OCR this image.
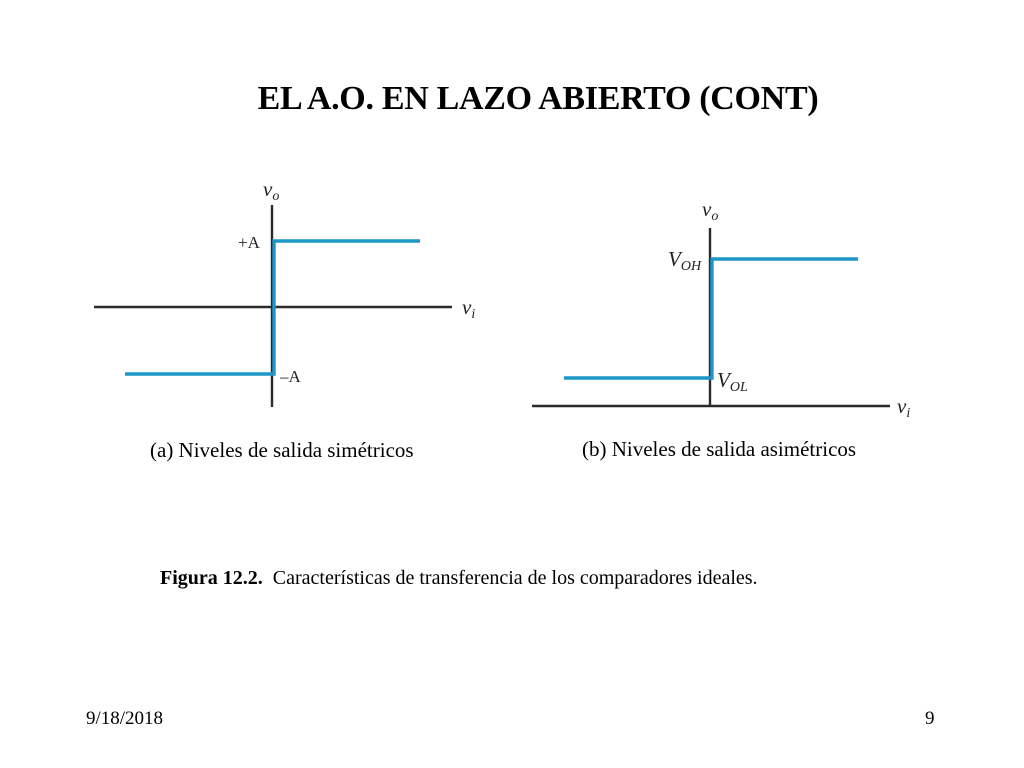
EL A.O. EN LAZO ABIERTO (CONT)
vo
vi
+A
–A
vo
vi
VOH
VOL
(a) Niveles de salida simétricos	(b) Niveles de salida asimétricos
Figura 12.2. Características de transferencia de los comparadores ideales.
9/18/2018	9
